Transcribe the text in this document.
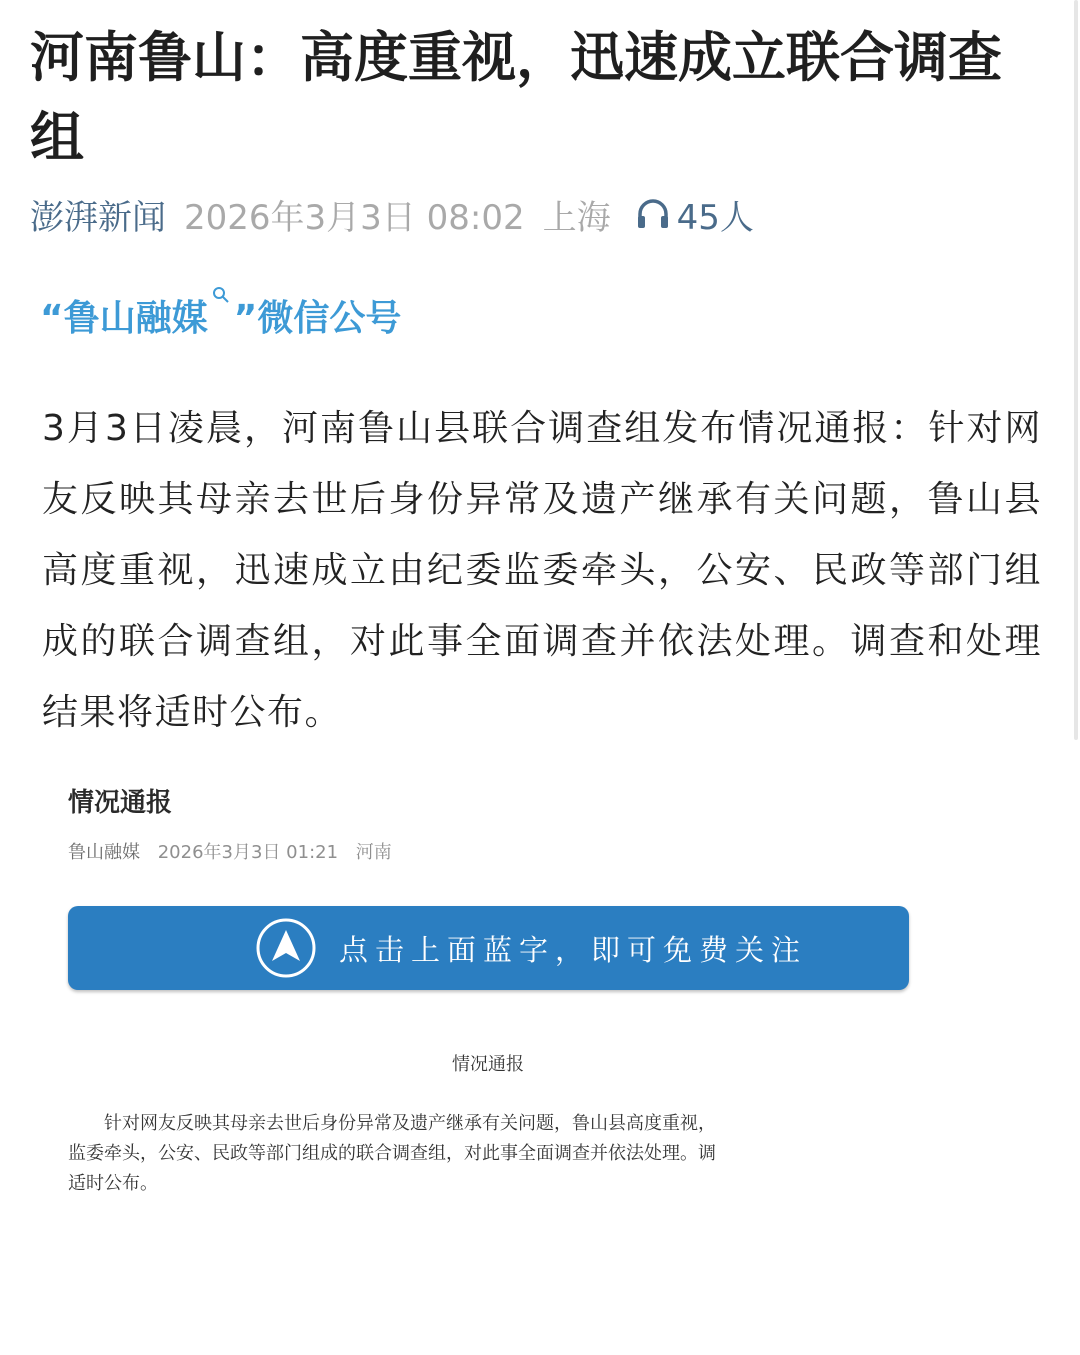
河南鲁山：高度重视，迅速成立联合调查组
澎湃新闻 2026年3月3日 08:02 上海 45人
“鲁山融媒 ”微信公号

3月3日凌晨，河南鲁山县联合调查组发布情况通报：针对网友反映其母亲去世后身份异常及遗产继承有关问题，鲁山县高度重视，迅速成立由纪委监委牵头，公安、民政等部门组成的联合调查组，对此事全面调查并依法处理。调查和处理结果将适时公布。

情况通报
鲁山融媒 2026年3月3日 01:21 河南
点击上面蓝字，即可免费关注
情况通报

针对网友反映其母亲去世后身份异常及遗产继承有关问题，鲁山县高度重视，
监委牵头，公安、民政等部门组成的联合调查组，对此事全面调查并依法处理。调
适时公布。
